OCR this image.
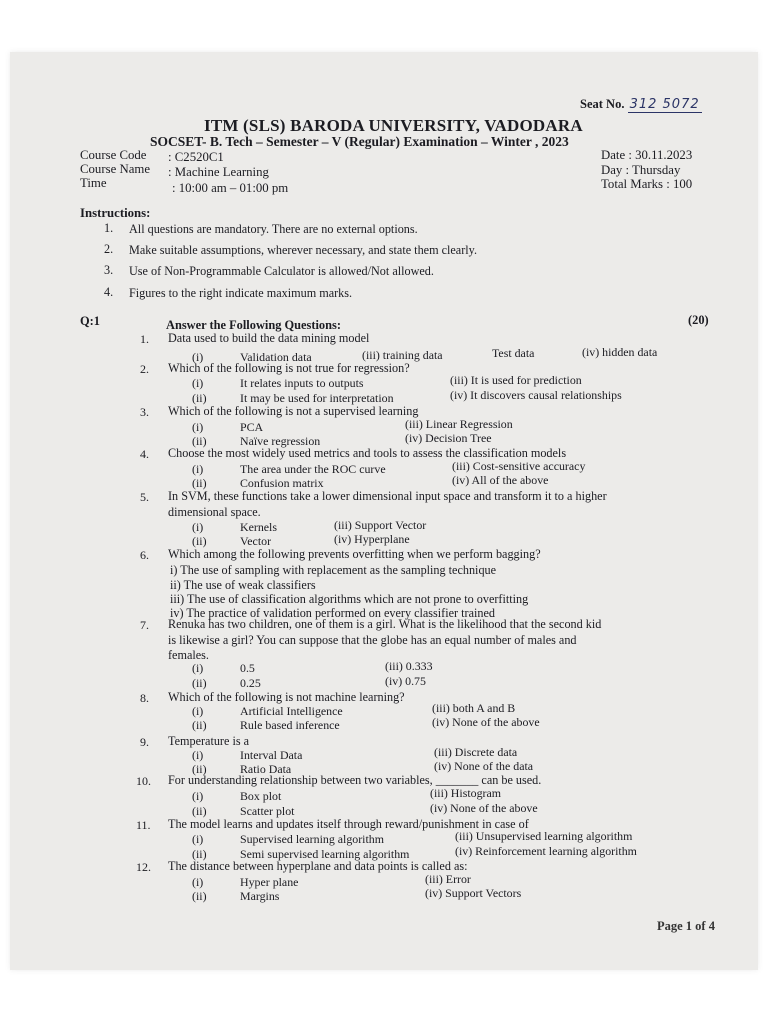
Seat No. 312 5072
ITM (SLS) BARODA UNIVERSITY, VADODARA
SOCSET- B. Tech – Semester – V (Regular) Examination – Winter , 2023
Course Code : C2520C1
Course Name : Machine Learning
Time	: 10:00 am – 01:00 pm
Date : 30.11.2023
Day : Thursday
Total Marks : 100
Instructions:
1. All questions are mandatory. There are no external options.
2. Make suitable assumptions, wherever necessary, and state them clearly.
3. Use of Non-Programmable Calculator is allowed/Not allowed.
4. Figures to the right indicate maximum marks.
Q:1	Answer the Following Questions:	(20)
1. Data used to build the data mining model
(i)	Validation data	(iii) training data	Test data	(iv) hidden data
2. Which of the following is not true for regression?
(i)	It relates inputs to outputs	(iii) It is used for prediction
(ii)	It may be used for interpretation	(iv) It discovers causal relationships
3. Which of the following is not a supervised learning
(i)	PCA	(iii) Linear Regression
(ii)	Naïve regression	(iv) Decision Tree
4. Choose the most widely used metrics and tools to assess the classification models
(i)	The area under the ROC curve	(iii) Cost-sensitive accuracy
(ii)	Confusion matrix	(iv) All of the above
5. In SVM, these functions take a lower dimensional input space and transform it to a higher
dimensional space.
(i)	Kernels	(iii) Support Vector
(ii)	Vector	(iv) Hyperplane
6. Which among the following prevents overfitting when we perform bagging?
i) The use of sampling with replacement as the sampling technique
ii) The use of weak classifiers
iii) The use of classification algorithms which are not prone to overfitting
iv) The practice of validation performed on every classifier trained
7. Renuka has two children, one of them is a girl. What is the likelihood that the second kid
is likewise a girl? You can suppose that the globe has an equal number of males and
females.
(i)	0.5	(iii) 0.333
(ii)	0.25	(iv) 0.75
8. Which of the following is not machine learning?
(i)	Artificial Intelligence	(iii) both A and B
(ii)	Rule based inference	(iv) None of the above
9. Temperature is a
(i)	Interval Data	(iii) Discrete data
(ii)	Ratio Data	(iv) None of the data
10. For understanding relationship between two variables, _______ can be used.
(i)	Box plot	(iii) Histogram
(ii)	Scatter plot	(iv) None of the above
11. The model learns and updates itself through reward/punishment in case of
(i)	Supervised learning algorithm	(iii) Unsupervised learning algorithm
(ii)	Semi supervised learning algorithm	(iv) Reinforcement learning algorithm
12. The distance between hyperplane and data points is called as:
(i)	Hyper plane	(iii) Error
(ii)	Margins	(iv) Support Vectors
Page 1 of 4
